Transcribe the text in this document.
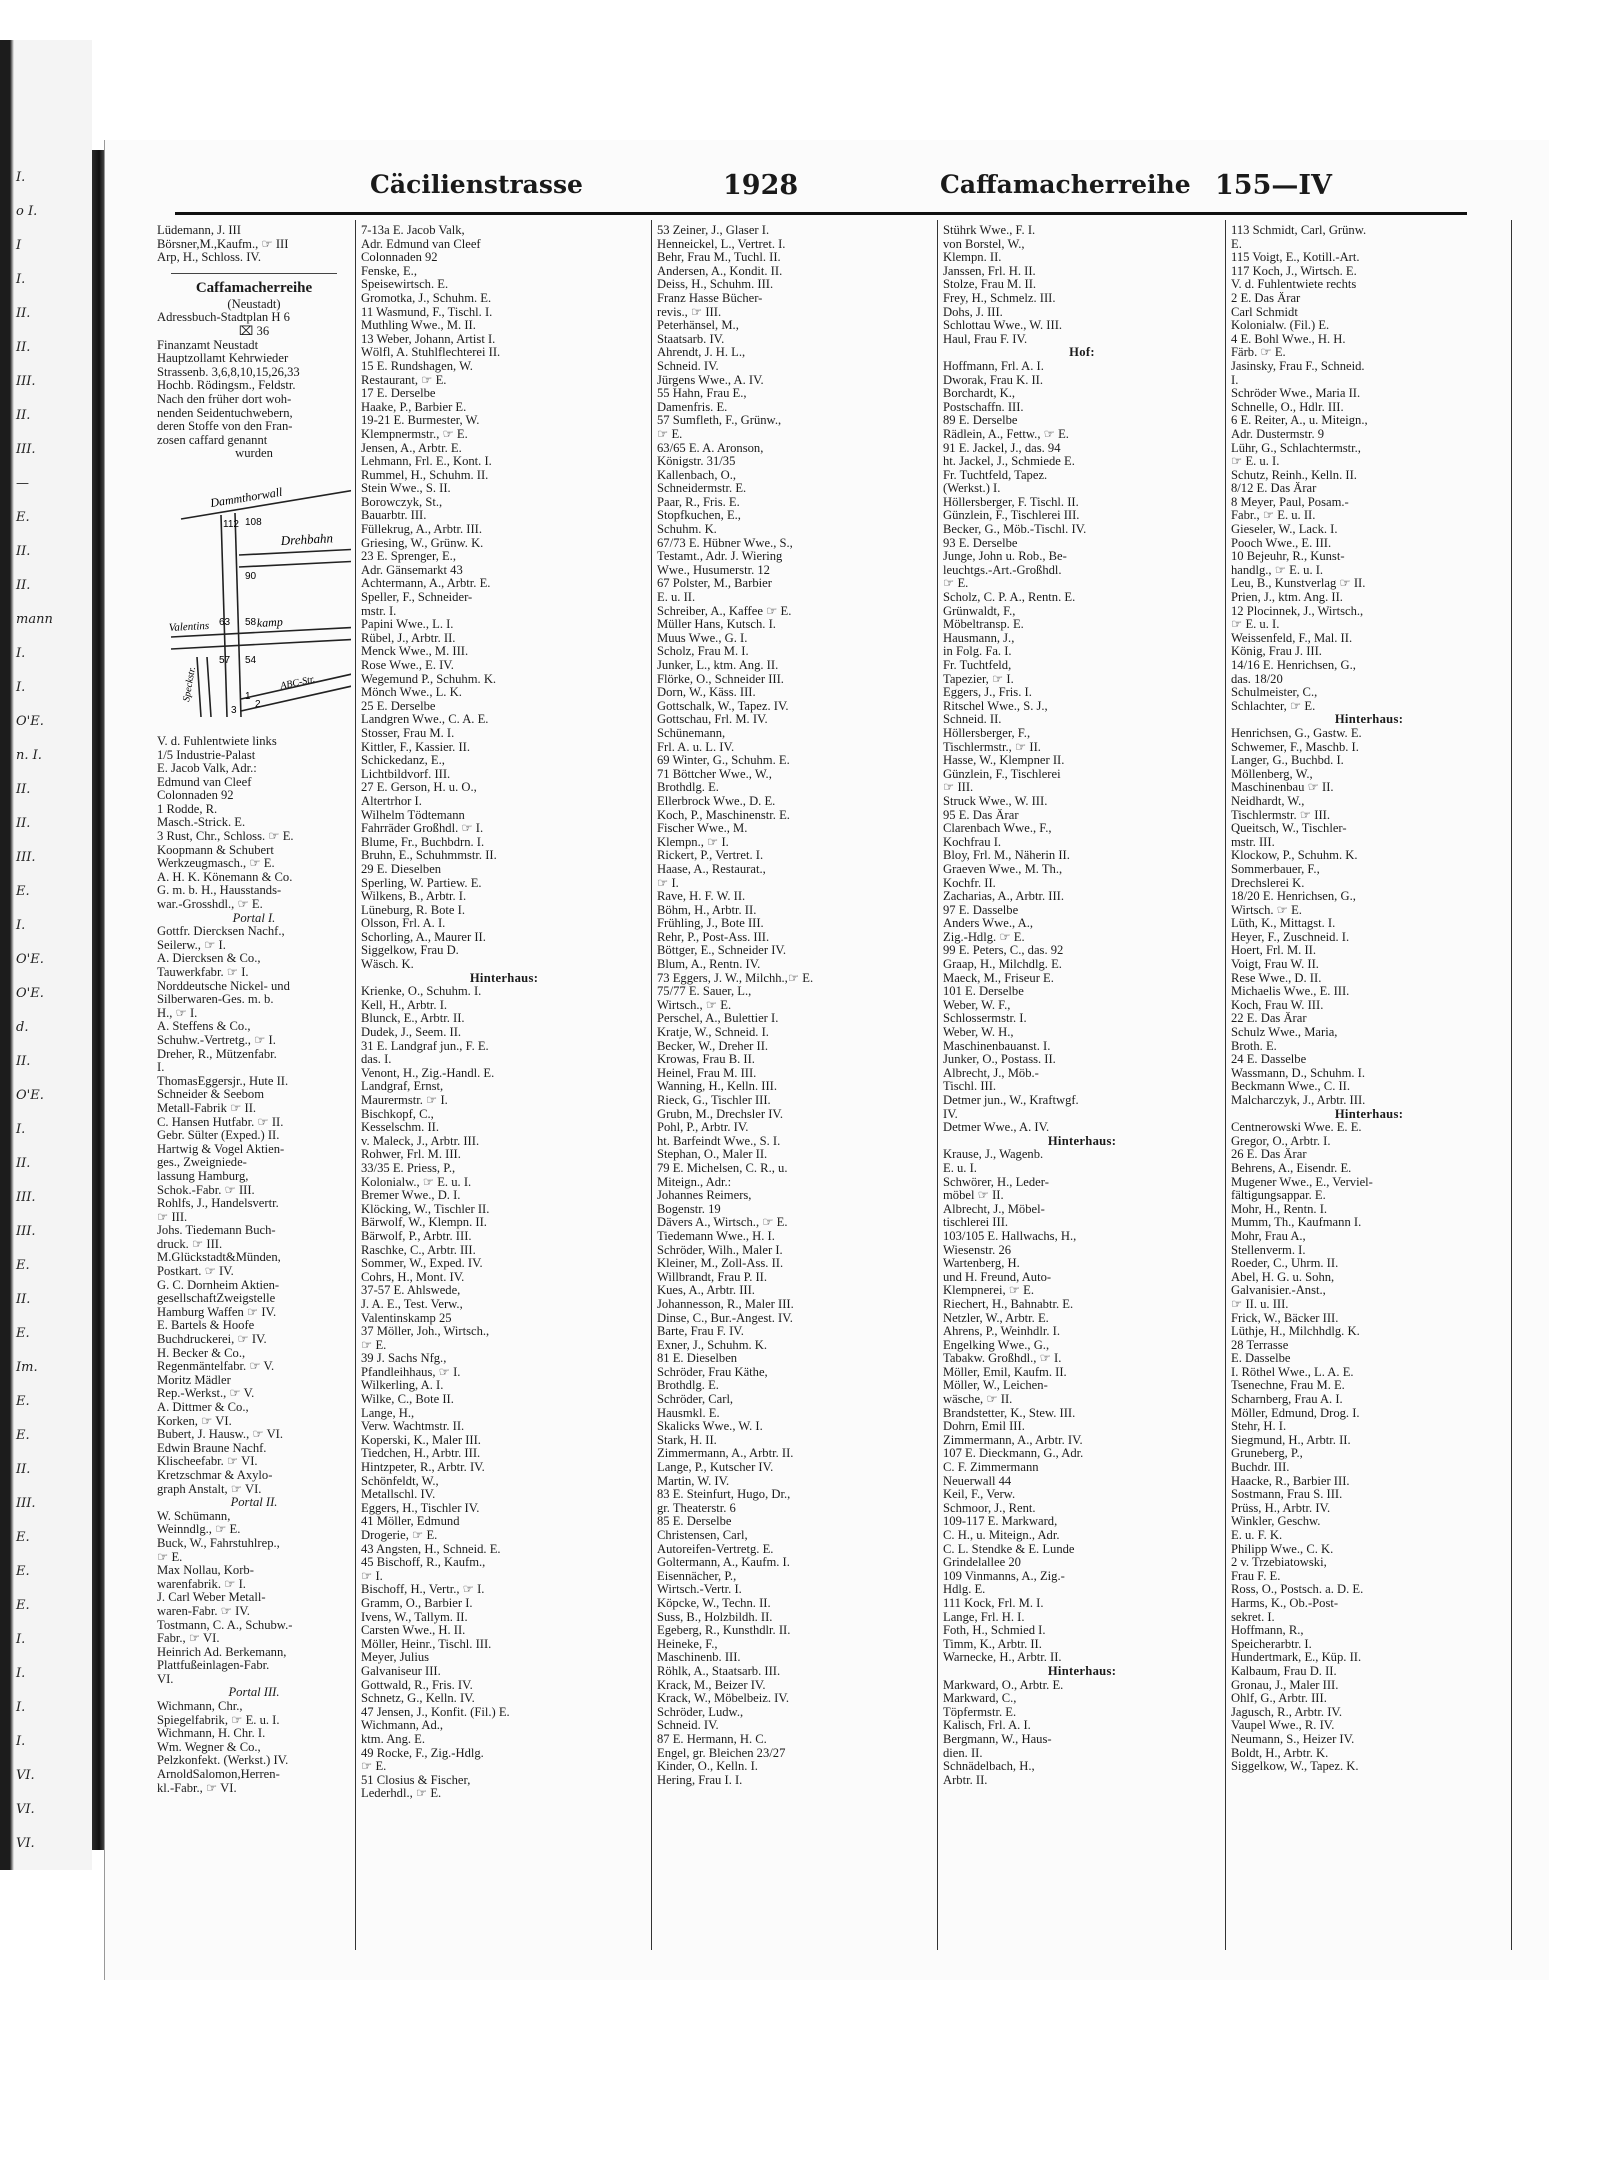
I.
o I.
I
I.
II.
II.
III.
II.
III.
—
E.
II.
II.
mann
I.
I.
O'E.
n. I.
II.
II.
III.
E.
I.
O'E.
O'E.
d.
II.
O'E.
I.
II.
III.
III.
E.
II.
E.
Im.
E.
E.
II.
III.
E.
E.
E.
I.
I.
I.
I.
VI.
VI.
VI.
Cäcilienstrasse	1928	Caffamacherreihe 155—IV
Lüdemann, J. III
Börsner,M.,Kaufm., ☞ III
Arp, H., Schloss. IV.
Caffamacherreihe
(Neustadt)
Adressbuch-Stadtplan H 6
⌧ 36
Finanzamt Neustadt
Hauptzollamt Kehrwieder
Strassenb. 3,6,8,10,15,26,33
Hochb. Rödingsm., Feldstr.
Nach den früher dort woh-
nenden Seidentuchwebern,
deren Stoffe von den Fran-
zosen caffard genannt
wurden
Dammthorwall
Drehbahn
Valentins	kamp
Speckstr.	ABC-Str.
112 108
90
63 58
57 54
1
2
3
V. d. Fuhlentwiete links
1/5 Industrie-Palast
E. Jacob Valk, Adr.:
Edmund van Cleef
Colonnaden 92
1 Rodde, R.
Masch.-Strick. E.
3 Rust, Chr., Schloss. ☞ E.
Koopmann & Schubert
Werkzeugmasch., ☞ E.
A. H. K. Könemann & Co.
G. m. b. H., Hausstands-
war.-Grosshdl., ☞ E.
Portal I.
Gottfr. Diercksen Nachf.,
Seilerw., ☞ I.
A. Diercksen & Co.,
Tauwerkfabr. ☞ I.
Norddeutsche Nickel- und
Silberwaren-Ges. m. b.
H., ☞ I.
A. Steffens & Co.,
Schuhw.-Vertretg., ☞ I.
Dreher, R., Mützenfabr.
I.
ThomasEggersjr., Hute II.
Schneider & Seebom
Metall-Fabrik ☞ II.
C. Hansen Hutfabr. ☞ II.
Gebr. Sülter (Exped.) II.
Hartwig & Vogel Aktien-
ges., Zweigniede-
lassung Hamburg,
Schok.-Fabr. ☞ III.
Rohlfs, J., Handelsvertr.
☞ III.
Johs. Tiedemann Buch-
druck. ☞ III.
M.Glückstadt&Münden,
Postkart. ☞ IV.
G. C. Dornheim Aktien-
gesellschaftZweigstelle
Hamburg Waffen ☞ IV.
E. Bartels & Hoofe
Buchdruckerei, ☞ IV.
H. Becker & Co.,
Regenmäntelfabr. ☞ V.
Moritz Mädler
Rep.-Werkst., ☞ V.
A. Dittmer & Co.,
Korken, ☞ VI.
Bubert, J. Hausw., ☞ VI.
Edwin Braune Nachf.
Klischeefabr. ☞ VI.
Kretzschmar & Axylo-
graph Anstalt, ☞ VI.
Portal II.
W. Schümann,
Weinndlg., ☞ E.
Buck, W., Fahrstuhlrep.,
☞ E.
Max Nollau, Korb-
warenfabrik. ☞ I.
J. Carl Weber Metall-
waren-Fabr. ☞ IV.
Tostmann, C. A., Schubw.-
Fabr., ☞ VI.
Heinrich Ad. Berkemann,
Plattfußeinlagen-Fabr.
VI.
Portal III.
Wichmann, Chr.,
Spiegelfabrik, ☞ E. u. I.
Wichmann, H. Chr. I.
Wm. Wegner & Co.,
Pelzkonfekt. (Werkst.) IV.
ArnoldSalomon,Herren-
kl.-Fabr., ☞ VI.
7-13a E. Jacob Valk,
Adr. Edmund van Cleef
Colonnaden 92
Fenske, E.,
Speisewirtsch. E.
Gromotka, J., Schuhm. E.
11 Wasmund, F., Tischl. I.
Muthling Wwe., M. II.
13 Weber, Johann, Artist I.
Wölfl, A. Stuhlflechterei II.
15 E. Rundshagen, W.
Restaurant, ☞ E.
17 E. Derselbe
Haake, P., Barbier E.
19-21 E. Burmester, W.
Klempnermstr., ☞ E.
Jensen, A., Arbtr. E.
Lehmann, Frl. E., Kont. I.
Rummel, H., Schuhm. II.
Stein Wwe., S. II.
Borowczyk, St.,
Bauarbtr. III.
Füllekrug, A., Arbtr. III.
Griesing, W., Grünw. K.
23 E. Sprenger, E.,
Adr. Gänsemarkt 43
Achtermann, A., Arbtr. E.
Speller, F., Schneider-
mstr. I.
Papini Wwe., L. I.
Rübel, J., Arbtr. II.
Menck Wwe., M. III.
Rose Wwe., E. IV.
Wegemund P., Schuhm. K.
Mönch Wwe., L. K.
25 E. Derselbe
Landgren Wwe., C. A. E.
Stosser, Frau M. I.
Kittler, F., Kassier. II.
Schickedanz, E.,
Lichtbildvorf. III.
27 E. Gerson, H. u. O.,
Altertrhor I.
Wilhelm Tödtemann
Fahrräder Großhdl. ☞ I.
Blume, Fr., Buchbdrn. I.
Bruhn, E., Schuhmmstr. II.
29 E. Dieselben
Sperling, W. Partiew. E.
Wilkens, B., Arbtr. I.
Lüneburg, R. Bote I.
Olsson, Frl. A. I.
Schorling, A., Maurer II.
Siggelkow, Frau D.
Wäsch. K.
Hinterhaus:
Krienke, O., Schuhm. I.
Kell, H., Arbtr. I.
Blunck, E., Arbtr. II.
Dudek, J., Seem. II.
31 E. Landgraf jun., F. E.
das. I.
Venont, H., Zig.-Handl. E.
Landgraf, Ernst,
Maurermstr. ☞ I.
Bischkopf, C.,
Kesselschm. II.
v. Maleck, J., Arbtr. III.
Rohwer, Frl. M. III.
33/35 E. Priess, P.,
Kolonialw., ☞ E. u. I.
Bremer Wwe., D. I.
Klöcking, W., Tischler II.
Bärwolf, W., Klempn. II.
Bärwolf, P., Arbtr. III.
Raschke, C., Arbtr. III.
Sommer, W., Exped. IV.
Cohrs, H., Mont. IV.
37-57 E. Ahlswede,
J. A. E., Test. Verw.,
Valentinskamp 25
37 Möller, Joh., Wirtsch.,
☞ E.
39 J. Sachs Nfg.,
Pfandleihhaus, ☞ I.
Wilkerling, A. I.
Wilke, C., Bote II.
Lange, H.,
Verw. Wachtmstr. II.
Koperski, K., Maler III.
Tiedchen, H., Arbtr. III.
Hintzpeter, R., Arbtr. IV.
Schönfeldt, W.,
Metallschl. IV.
Eggers, H., Tischler IV.
41 Möller, Edmund
Drogerie, ☞ E.
43 Angsten, H., Schneid. E.
45 Bischoff, R., Kaufm.,
☞ I.
Bischoff, H., Vertr., ☞ I.
Gramm, O., Barbier I.
Ivens, W., Tallym. II.
Carsten Wwe., H. II.
Möller, Heinr., Tischl. III.
Meyer, Julius
Galvaniseur III.
Gottwald, R., Fris. IV.
Schnetz, G., Kelln. IV.
47 Jensen, J., Konfit. (Fil.) E.
Wichmann, Ad.,
ktm. Ang. E.
49 Rocke, F., Zig.-Hdlg.
☞ E.
51 Closius & Fischer,
Lederhdl., ☞ E.
53 Zeiner, J., Glaser I.
Henneickel, L., Vertret. I.
Behr, Frau M., Tuchl. II.
Andersen, A., Kondit. II.
Deiss, H., Schuhm. III.
Franz Hasse Bücher-
revis., ☞ III.
Peterhänsel, M.,
Staatsarb. IV.
Ahrendt, J. H. L.,
Schneid. IV.
Jürgens Wwe., A. IV.
55 Hahn, Frau E.,
Damenfris. E.
57 Sumfleth, F., Grünw.,
☞ E.
63/65 E. A. Aronson,
Königstr. 31/35
Kallenbach, O.,
Schneidermstr. E.
Paar, R., Fris. E.
Stopfkuchen, E.,
Schuhm. K.
67/73 E. Hübner Wwe., S.,
Testamt., Adr. J. Wiering
Wwe., Husumerstr. 12
67 Polster, M., Barbier
E. u. II.
Schreiber, A., Kaffee ☞ E.
Müller Hans, Kutsch. I.
Muus Wwe., G. I.
Scholz, Frau M. I.
Junker, L., ktm. Ang. II.
Flörke, O., Schneider III.
Dorn, W., Käss. III.
Gottschalk, W., Tapez. IV.
Gottschau, Frl. M. IV.
Schünemann,
Frl. A. u. L. IV.
69 Winter, G., Schuhm. E.
71 Böttcher Wwe., W.,
Brothdlg. E.
Ellerbrock Wwe., D. E.
Koch, P., Maschinenstr. E.
Fischer Wwe., M.
Klempn., ☞ I.
Rickert, P., Vertret. I.
Haase, A., Restaurat.,
☞ I.
Rave, H. F. W. II.
Böhm, H., Arbtr. II.
Frühling, J., Bote III.
Rehr, P., Post-Ass. III.
Böttger, E., Schneider IV.
Blum, A., Rentn. IV.
73 Eggers, J. W., Milchh.,☞ E.
75/77 E. Sauer, L.,
Wirtsch., ☞ E.
Perschel, A., Bulettier I.
Kratje, W., Schneid. I.
Becker, W., Dreher II.
Krowas, Frau B. II.
Heinel, Frau M. III.
Wanning, H., Kelln. III.
Rieck, G., Tischler III.
Grubn, M., Drechsler IV.
Pohl, P., Arbtr. IV.
ht. Barfeindt Wwe., S. I.
Stephan, O., Maler II.
79 E. Michelsen, C. R., u.
Miteign., Adr.:
Johannes Reimers,
Bogenstr. 19
Dävers A., Wirtsch., ☞ E.
Tiedemann Wwe., H. I.
Schröder, Wilh., Maler I.
Kleiner, M., Zoll-Ass. II.
Willbrandt, Frau P. II.
Kues, A., Arbtr. III.
Johannesson, R., Maler III.
Dinse, C., Bur.-Angest. IV.
Barte, Frau F. IV.
Exner, J., Schuhm. K.
81 E. Dieselben
Schröder, Frau Käthe,
Brothdlg. E.
Schröder, Carl,
Hausmkl. E.
Skalicks Wwe., W. I.
Stark, H. II.
Zimmermann, A., Arbtr. II.
Lange, P., Kutscher IV.
Martin, W. IV.
83 E. Steinfurt, Hugo, Dr.,
gr. Theaterstr. 6
85 E. Derselbe
Christensen, Carl,
Autoreifen-Vertretg. E.
Goltermann, A., Kaufm. I.
Eisennächer, P.,
Wirtsch.-Vertr. I.
Köpcke, W., Techn. II.
Suss, B., Holzbildh. II.
Egeberg, R., Kunsthdlr. II.
Heineke, F.,
Maschinenb. III.
Röhlk, A., Staatsarb. III.
Krack, M., Beizer IV.
Krack, W., Möbelbeiz. IV.
Schröder, Ludw.,
Schneid. IV.
87 E. Hermann, H. C.
Engel, gr. Bleichen 23/27
Kinder, O., Kelln. I.
Hering, Frau I. I.
Stührk Wwe., F. I.
von Borstel, W.,
Klempn. II.
Janssen, Frl. H. II.
Stolze, Frau M. II.
Frey, H., Schmelz. III.
Dohs, J. III.
Schlottau Wwe., W. III.
Haul, Frau F. IV.
Hof:
Hoffmann, Frl. A. I.
Dworak, Frau K. II.
Borchardt, K.,
Postschaffn. III.
89 E. Derselbe
Rädlein, A., Fettw., ☞ E.
91 E. Jackel, J., das. 94
ht. Jackel, J., Schmiede E.
Fr. Tuchtfeld, Tapez.
(Werkst.) I.
Höllersberger, F. Tischl. II.
Günzlein, F., Tischlerei III.
Becker, G., Möb.-Tischl. IV.
93 E. Derselbe
Junge, John u. Rob., Be-
leuchtgs.-Art.-Großhdl.
☞ E.
Scholz, C. P. A., Rentn. E.
Grünwaldt, F.,
Möbeltransp. E.
Hausmann, J.,
in Folg. Fa. I.
Fr. Tuchtfeld,
Tapezier, ☞ I.
Eggers, J., Fris. I.
Ritschel Wwe., S. J.,
Schneid. II.
Höllersberger, F.,
Tischlermstr., ☞ II.
Hasse, W., Klempner II.
Günzlein, F., Tischlerei
☞ III.
Struck Wwe., W. III.
95 E. Das Ärar
Clarenbach Wwe., F.,
Kochfrau I.
Bloy, Frl. M., Näherin II.
Graeven Wwe., M. Th.,
Kochfr. II.
Zacharias, A., Arbtr. III.
97 E. Dasselbe
Anders Wwe., A.,
Zig.-Hdlg. ☞ E.
99 E. Peters, C., das. 92
Graap, H., Milchdlg. E.
Maeck, M., Friseur E.
101 E. Derselbe
Weber, W. F.,
Schlossermstr. I.
Weber, W. H.,
Maschinenbauanst. I.
Junker, O., Postass. II.
Albrecht, J., Möb.-
Tischl. III.
Detmer jun., W., Kraftwgf.
IV.
Detmer Wwe., A. IV.
Hinterhaus:
Krause, J., Wagenb.
E. u. I.
Schwörer, H., Leder-
möbel ☞ II.
Albrecht, J., Möbel-
tischlerei III.
103/105 E. Hallwachs, H.,
Wiesenstr. 26
Wartenberg, H.
und H. Freund, Auto-
Klempnerei, ☞ E.
Riechert, H., Bahnabtr. E.
Netzler, W., Arbtr. E.
Ahrens, P., Weinhdlr. I.
Engelking Wwe., G.,
Tabakw. Großhdl., ☞ I.
Möller, Emil, Kaufm. II.
Möller, W., Leichen-
wäsche, ☞ II.
Brandstetter, K., Stew. III.
Dohrn, Emil III.
Zimmermann, A., Arbtr. IV.
107 E. Dieckmann, G., Adr.
C. F. Zimmermann
Neuerwall 44
Keil, F., Verw.
Schmoor, J., Rent.
109-117 E. Markward,
C. H., u. Miteign., Adr.
C. L. Stendke & E. Lunde
Grindelallee 20
109 Vinmanns, A., Zig.-
Hdlg. E.
111 Kock, Frl. M. I.
Lange, Frl. H. I.
Foth, H., Schmied I.
Timm, K., Arbtr. II.
Warnecke, H., Arbtr. II.
Hinterhaus:
Markward, O., Arbtr. E.
Markward, C.,
Töpfermstr. E.
Kalisch, Frl. A. I.
Bergmann, W., Haus-
dien. II.
Schnädelbach, H.,
Arbtr. II.
113 Schmidt, Carl, Grünw.
E.
115 Voigt, E., Kotill.-Art.
117 Koch, J., Wirtsch. E.
V. d. Fuhlentwiete rechts
2 E. Das Ärar
Carl Schmidt
Kolonialw. (Fil.) E.
4 E. Bohl Wwe., H. H.
Färb. ☞ E.
Jasinsky, Frau F., Schneid.
I.
Schröder Wwe., Maria II.
Schnelle, O., Hdlr. III.
6 E. Reiter, A., u. Miteign.,
Adr. Dustermstr. 9
Lühr, G., Schlachtermstr.,
☞ E. u. I.
Schutz, Reinh., Kelln. II.
8/12 E. Das Ärar
8 Meyer, Paul, Posam.-
Fabr., ☞ E. u. II.
Gieseler, W., Lack. I.
Pooch Wwe., E. III.
10 Bejeuhr, R., Kunst-
handlg., ☞ E. u. I.
Leu, B., Kunstverlag ☞ II.
Prien, J., ktm. Ang. II.
12 Plocinnek, J., Wirtsch.,
☞ E. u. I.
Weissenfeld, F., Mal. II.
König, Frau J. III.
14/16 E. Henrichsen, G.,
das. 18/20
Schulmeister, C.,
Schlachter, ☞ E.
Hinterhaus:
Henrichsen, G., Gastw. E.
Schwemer, F., Maschb. I.
Langer, G., Buchbd. I.
Möllenberg, W.,
Maschinenbau ☞ II.
Neidhardt, W.,
Tischlermstr. ☞ III.
Queitsch, W., Tischler-
mstr. III.
Klockow, P., Schuhm. K.
Sommerbauer, F.,
Drechslerei K.
18/20 E. Henrichsen, G.,
Wirtsch. ☞ E.
Lüth, K., Mittagst. I.
Heyer, F., Zuschneid. I.
Hoert, Frl. M. II.
Voigt, Frau W. II.
Rese Wwe., D. II.
Michaelis Wwe., E. III.
Koch, Frau W. III.
22 E. Das Ärar
Schulz Wwe., Maria,
Broth. E.
24 E. Dasselbe
Wassmann, D., Schuhm. I.
Beckmann Wwe., C. II.
Malcharczyk, J., Arbtr. III.
Hinterhaus:
Centnerowski Wwe. E. E.
Gregor, O., Arbtr. I.
26 E. Das Ärar
Behrens, A., Eisendr. E.
Mugener Wwe., E., Verviel-
fältigungsappar. E.
Mohr, H., Rentn. I.
Mumm, Th., Kaufmann I.
Mohr, Frau A.,
Stellenverm. I.
Roeder, C., Uhrm. II.
Abel, H. G. u. Sohn,
Galvanisier.-Anst.,
☞ II. u. III.
Frick, W., Bäcker III.
Lüthje, H., Milchhdlg. K.
28 Terrasse
E. Dasselbe
I. Röthel Wwe., L. A. E.
Tsenechne, Frau M. E.
Scharnberg, Frau A. I.
Möller, Edmund, Drog. I.
Stehr, H. I.
Siegmund, H., Arbtr. II.
Gruneberg, P.,
Buchdr. III.
Haacke, R., Barbier III.
Sostmann, Frau S. III.
Prüss, H., Arbtr. IV.
Winkler, Geschw.
E. u. F. K.
Philipp Wwe., C. K.
2 v. Trzebiatowski,
Frau F. E.
Ross, O., Postsch. a. D. E.
Harms, K., Ob.-Post-
sekret. I.
Hoffmann, R.,
Speicherarbtr. I.
Hundertmark, E., Küp. II.
Kalbaum, Frau D. II.
Gronau, J., Maler III.
Ohlf, G., Arbtr. III.
Jagusch, R., Arbtr. IV.
Vaupel Wwe., R. IV.
Neumann, S., Heizer IV.
Boldt, H., Arbtr. K.
Siggelkow, W., Tapez. K.
